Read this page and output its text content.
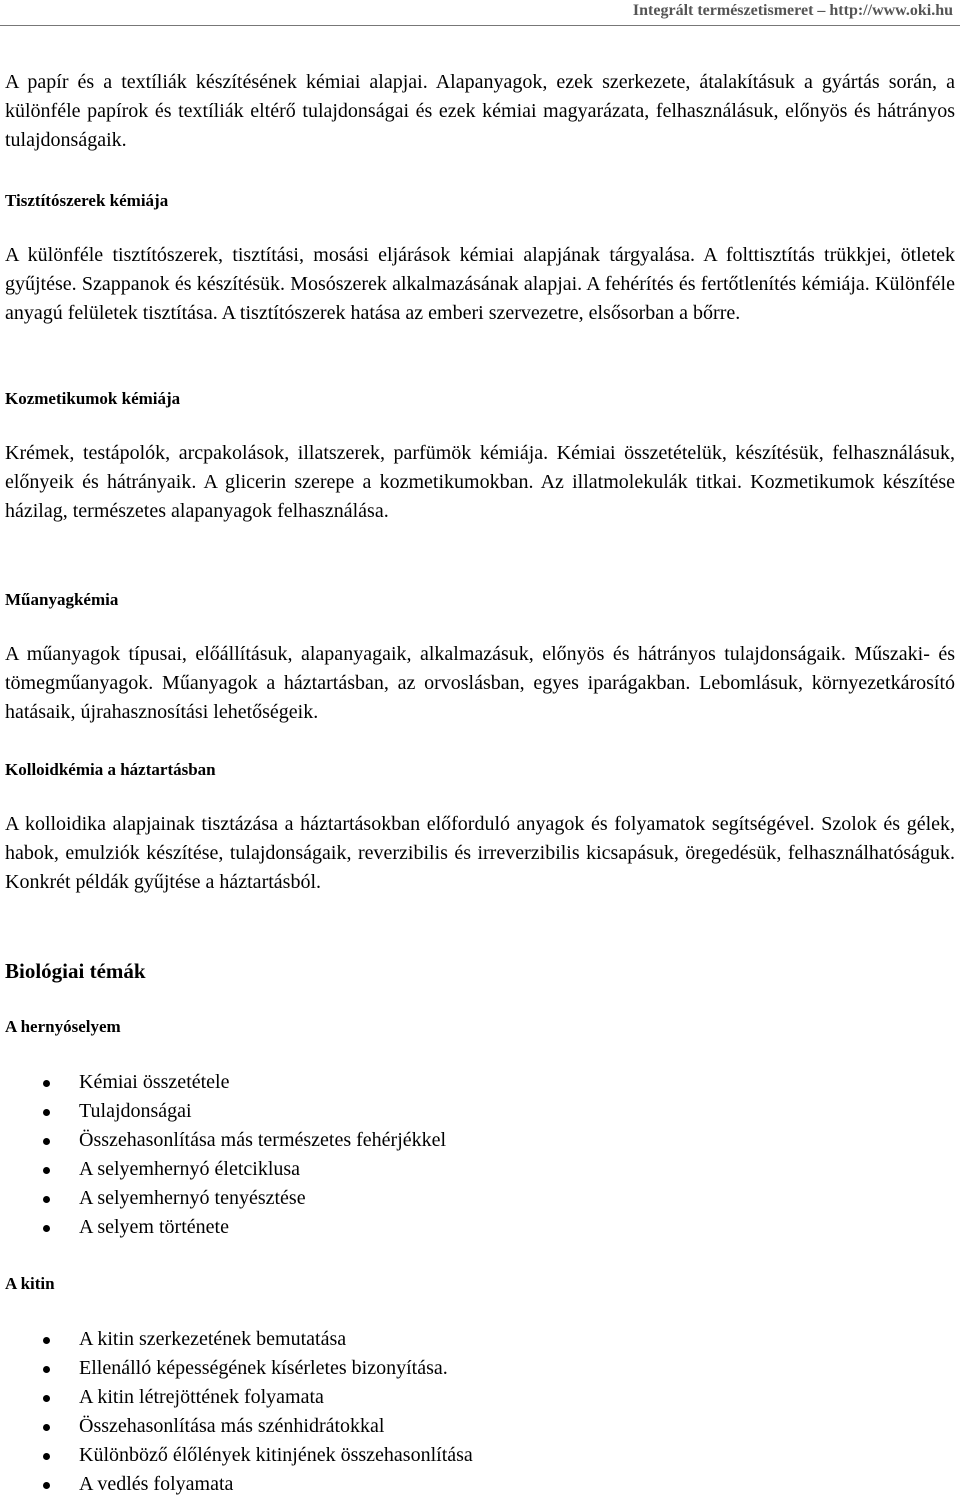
Integrált természetismeret – http://www.oki.hu

A papír és a textíliák készítésének kémiai alapjai. Alapanyagok, ezek szerkezete, átalakításuk a gyártás során, a különféle papírok és textíliák eltérő tulajdonságai és ezek kémiai magyarázata, felhasználásuk, előnyös és hátrányos tulajdonságaik.

Tisztítószerek kémiája

A különféle tisztítószerek, tisztítási, mosási eljárások kémiai alapjának tárgyalása. A folttisztítás trükkjei, ötletek gyűjtése. Szappanok és készítésük. Mosószerek alkalmazásának alapjai. A fehérítés és fertőtlenítés kémiája. Különféle anyagú felületek tisztítása. A tisztítószerek hatása az emberi szervezetre, elsősorban a bőrre.

Kozmetikumok kémiája

Krémek, testápolók, arcpakolások, illatszerek, parfümök kémiája. Kémiai összetételük, készítésük, felhasználásuk, előnyeik és hátrányaik. A glicerin szerepe a kozmetikumokban. Az illatmolekulák titkai. Kozmetikumok készítése házilag, természetes alapanyagok felhasználása.

Műanyagkémia

A műanyagok típusai, előállításuk, alapanyagaik, alkalmazásuk, előnyös és hátrányos tulajdonságaik. Műszaki- és tömegműanyagok. Műanyagok a háztartásban, az orvoslásban, egyes iparágakban. Lebomlásuk, környezetkárosító hatásaik, újrahasznosítási lehetőségeik.

Kolloidkémia a háztartásban

A kolloidika alapjainak tisztázása a háztartásokban előforduló anyagok és folyamatok segítségével. Szolok és gélek, habok, emulziók készítése, tulajdonságaik, reverzibilis és irreverzibilis kicsapásuk, öregedésük, felhasználhatóságuk. Konkrét példák gyűjtése a háztartásból.

Biológiai témák
A hernyóselyem
Kémiai összetétele
Tulajdonságai
Összehasonlítása más természetes fehérjékkel
A selyemhernyó életciklusa
A selyemhernyó tenyésztése
A selyem története
A kitin
A kitin szerkezetének bemutatása
Ellenálló képességének kísérletes bizonyítása.
A kitin létrejöttének folyamata
Összehasonlítása más szénhidrátokkal
Különböző élőlények kitinjének összehasonlítása
A vedlés folyamata
